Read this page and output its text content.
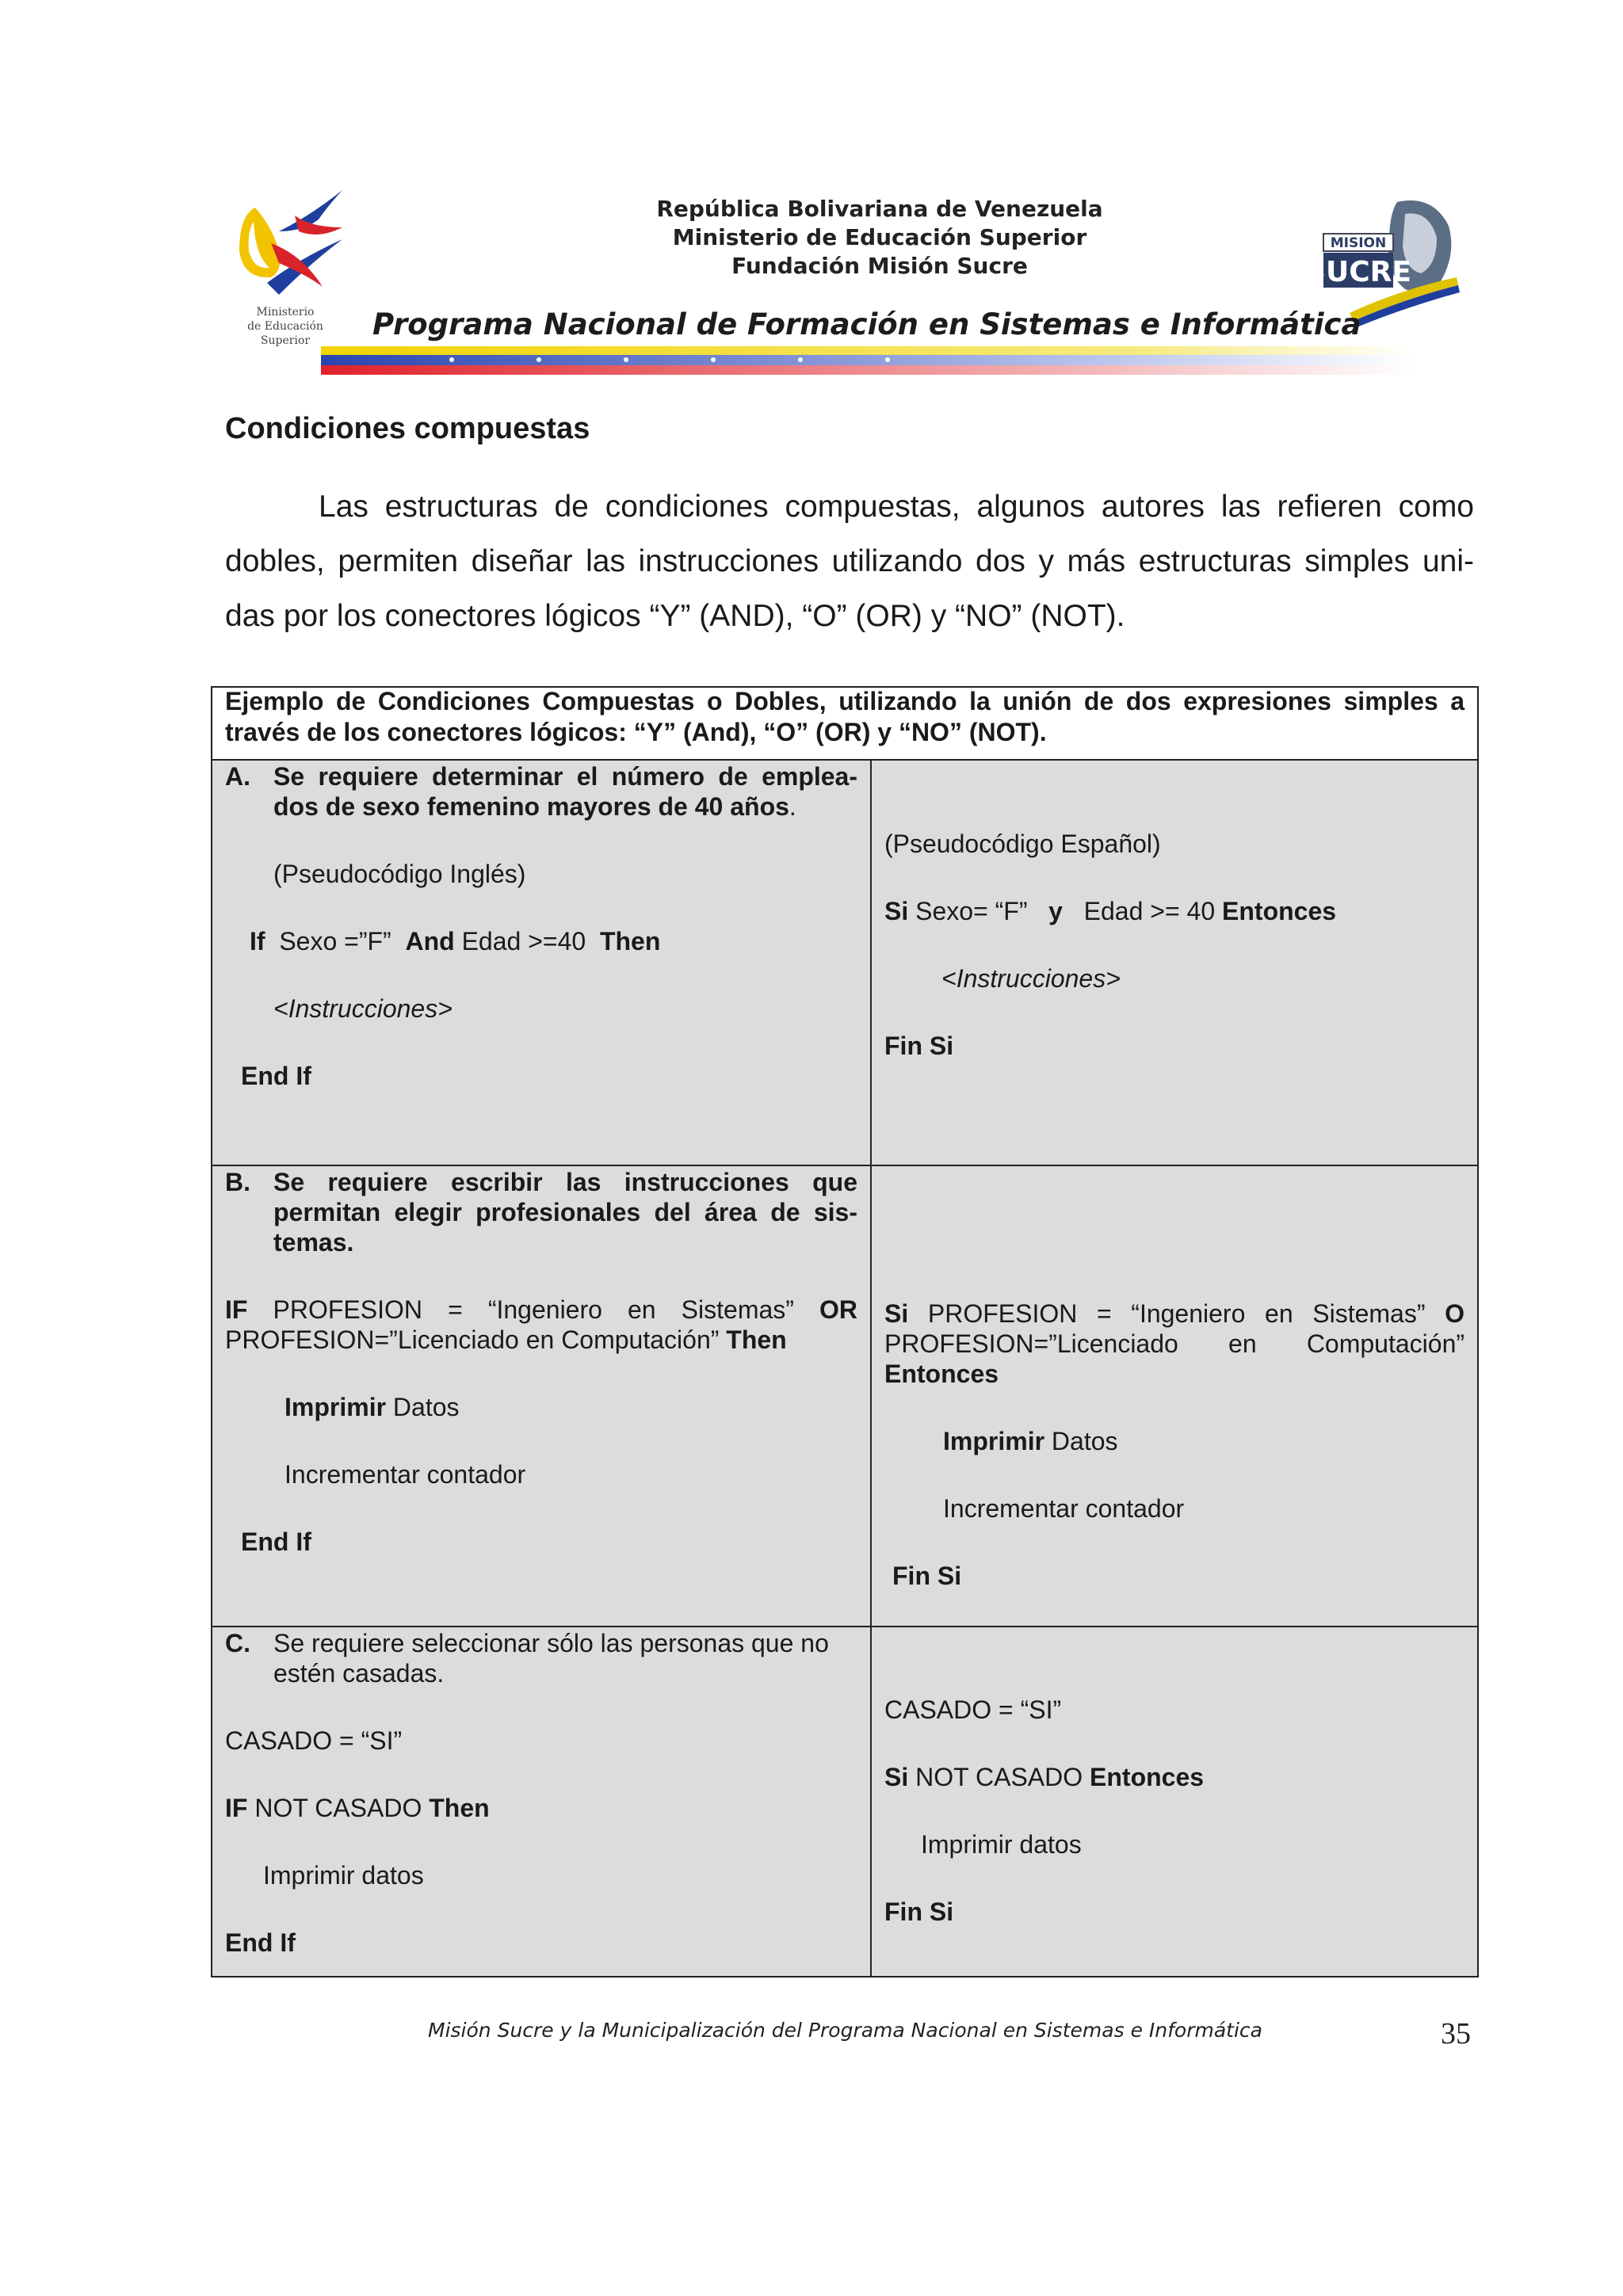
Ministerio
de Educación Superior
República Bolivariana de Venezuela
Ministerio de Educación Superior
Fundación Misión Sucre
MISION
SUCRE
Programa Nacional de Formación en Sistemas e Informática
Condiciones compuestas
Las estructuras de condiciones compuestas, algunos autores las refieren como
dobles, permiten diseñar las instrucciones utilizando dos y más estructuras simples uni-
das por los conectores lógicos “Y” (AND), “O” (OR) y “NO” (NOT).
Ejemplo de Condiciones Compuestas o Dobles, utilizando la unión de dos expresiones simples a través de los conectores lógicos: “Y” (And), “O” (OR) y “NO” (NOT).
A. Se requiere determinar el número de emplea-
dos de sexo femenino mayores de 40 años.
(Pseudocódigo Inglés)
If Sexo =”F” And Edad >=40 Then
<Instrucciones>
End If
(Pseudocódigo Español)
Si Sexo= “F” y Edad >= 40 Entonces
<Instrucciones>
Fin Si
B. Se requiere escribir las instrucciones que
permitan elegir profesionales del área de sis-
temas.
IF PROFESION = “Ingeniero en Sistemas” OR
PROFESION=”Licenciado en Computación” Then
Imprimir Datos
Incrementar contador
End If
Si PROFESION = “Ingeniero en Sistemas” O
PROFESION=”Licenciado en Computación”
Entonces
Imprimir Datos
Incrementar contador
Fin Si
C. Se requiere seleccionar sólo las personas que no
estén casadas.
CASADO = “SI”
IF NOT CASADO Then
Imprimir datos
End If
CASADO = “SI”
Si NOT CASADO Entonces
Imprimir datos
Fin Si
Misión Sucre y la Municipalización del Programa Nacional en Sistemas e Informática	35
